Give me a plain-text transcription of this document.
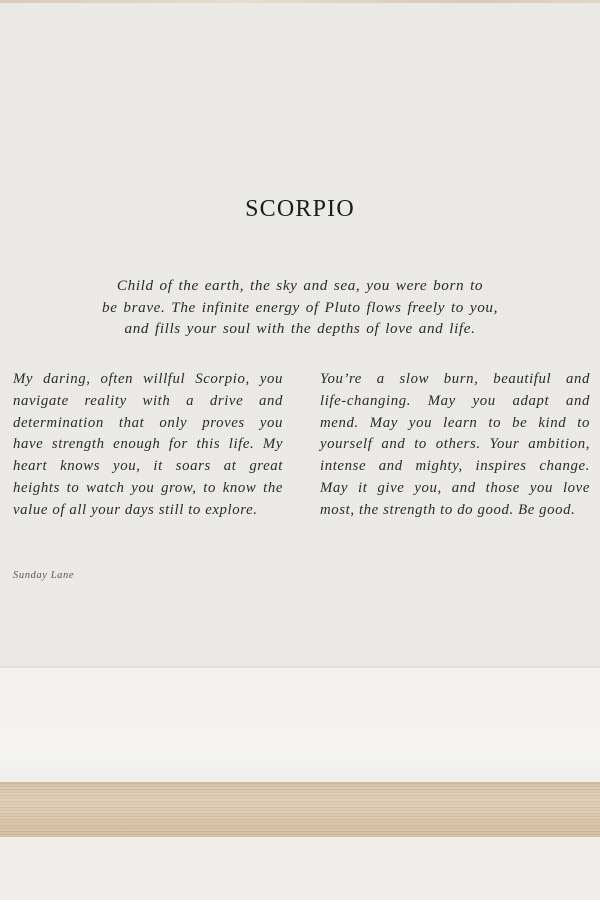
SCORPIO
Child of the earth, the sky and sea, you were born to
be brave. The infinite energy of Pluto flows freely to you,
and fills your soul with the depths of love and life.
My daring, often willful Scorpio, you
navigate reality with a drive and
determination that only proves you
have strength enough for this life. My
heart knows you, it soars at great
heights to watch you grow, to know the
value of all your days still to explore.
You’re a slow burn, beautiful and
life-changing. May you adapt and
mend. May you learn to be kind to
yourself and to others. Your ambition,
intense and mighty, inspires change.
May it give you, and those you love
most, the strength to do good. Be good.
Sunday Lane
